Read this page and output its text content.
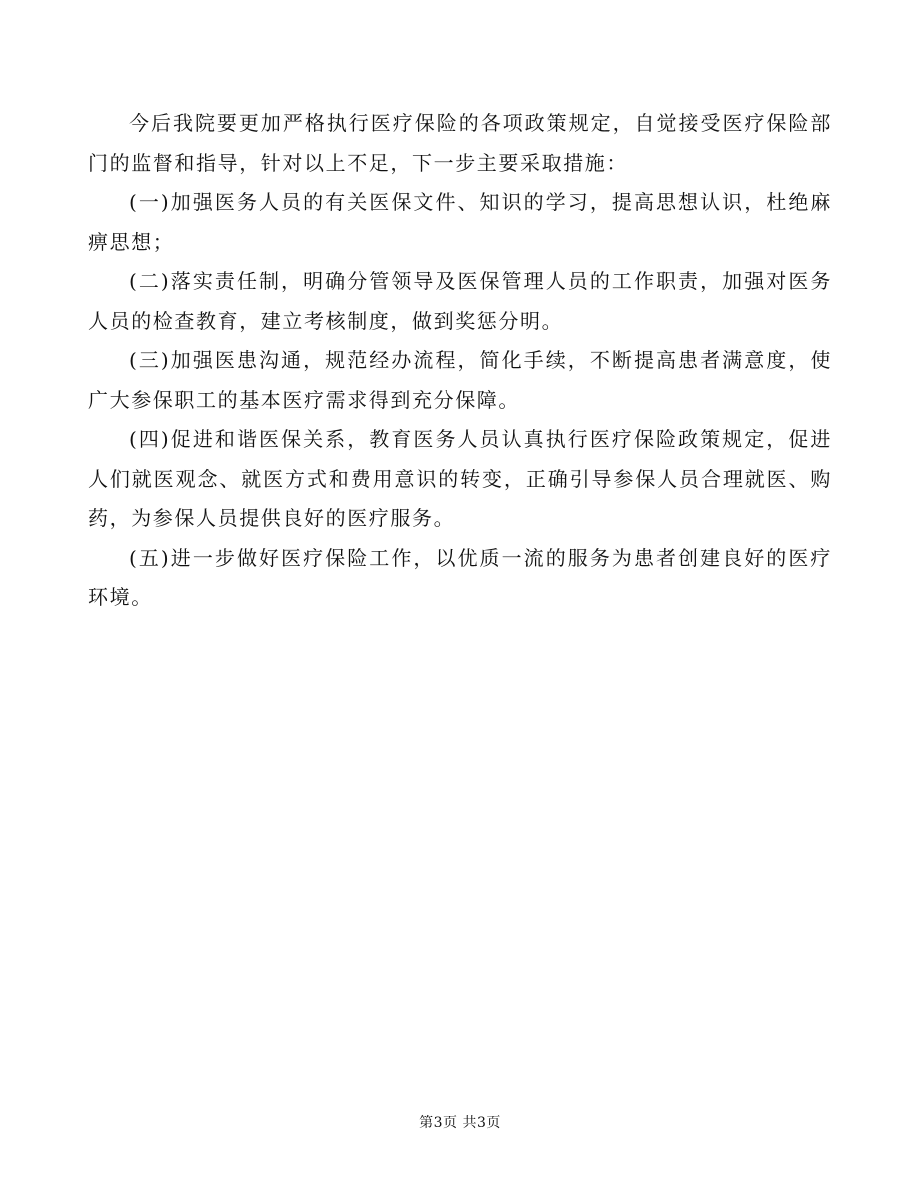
今后我院要更加严格执行医疗保险的各项政策规定，自觉接受医疗保险部门的监督和指导，针对以上不足，下一步主要采取措施：

(一)加强医务人员的有关医保文件、知识的学习，提高思想认识，杜绝麻痹思想；

(二)落实责任制，明确分管领导及医保管理人员的工作职责，加强对医务人员的检查教育，建立考核制度，做到奖惩分明。

(三)加强医患沟通，规范经办流程，简化手续，不断提高患者满意度，使广大参保职工的基本医疗需求得到充分保障。

(四)促进和谐医保关系，教育医务人员认真执行医疗保险政策规定，促进人们就医观念、就医方式和费用意识的转变，正确引导参保人员合理就医、购药，为参保人员提供良好的医疗服务。

(五)进一步做好医疗保险工作，以优质一流的服务为患者创建良好的医疗环境。

第3页 共3页
